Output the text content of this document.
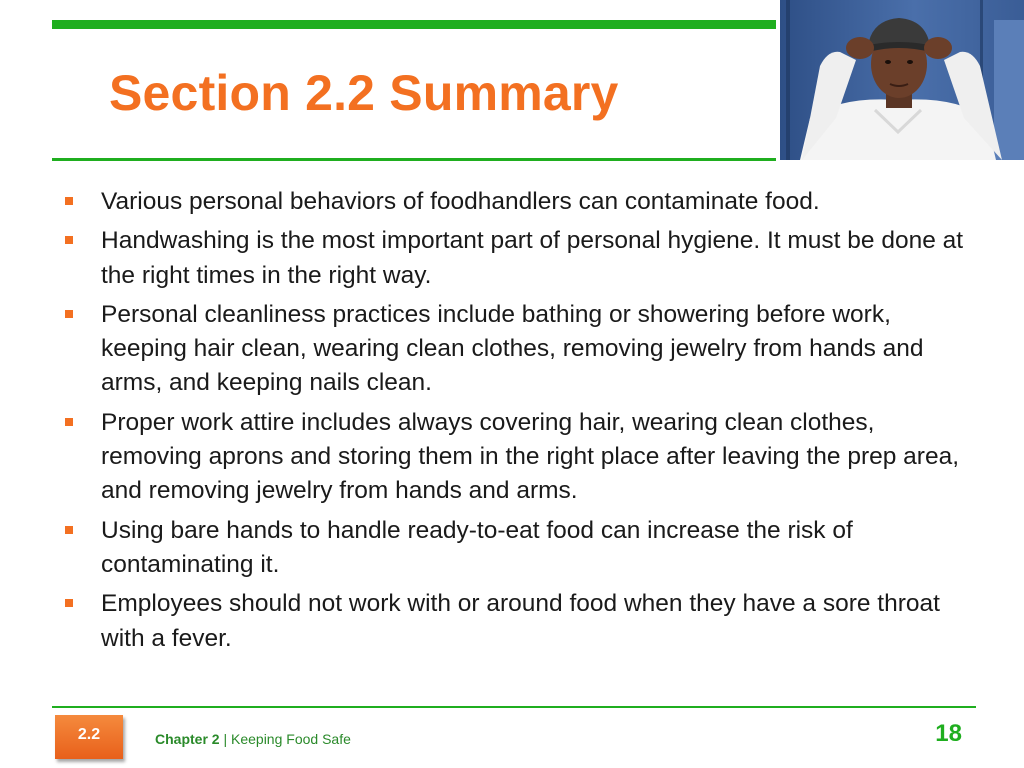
Section 2.2 Summary
Various personal behaviors of foodhandlers can contaminate food.
Handwashing is the most important part of personal hygiene. It must be done at the right times in the right way.
Personal cleanliness practices include bathing or showering before work, keeping hair clean, wearing clean clothes, removing jewelry from hands and arms, and keeping nails clean.
Proper work attire includes always covering hair, wearing clean clothes, removing aprons and storing them in the right place after leaving the prep area, and removing jewelry from hands and arms.
Using bare hands to handle ready-to-eat food can increase the risk of contaminating it.
Employees should not work with or around food when they have a sore throat with a fever.
2.2	Chapter 2 | Keeping Food Safe	18
